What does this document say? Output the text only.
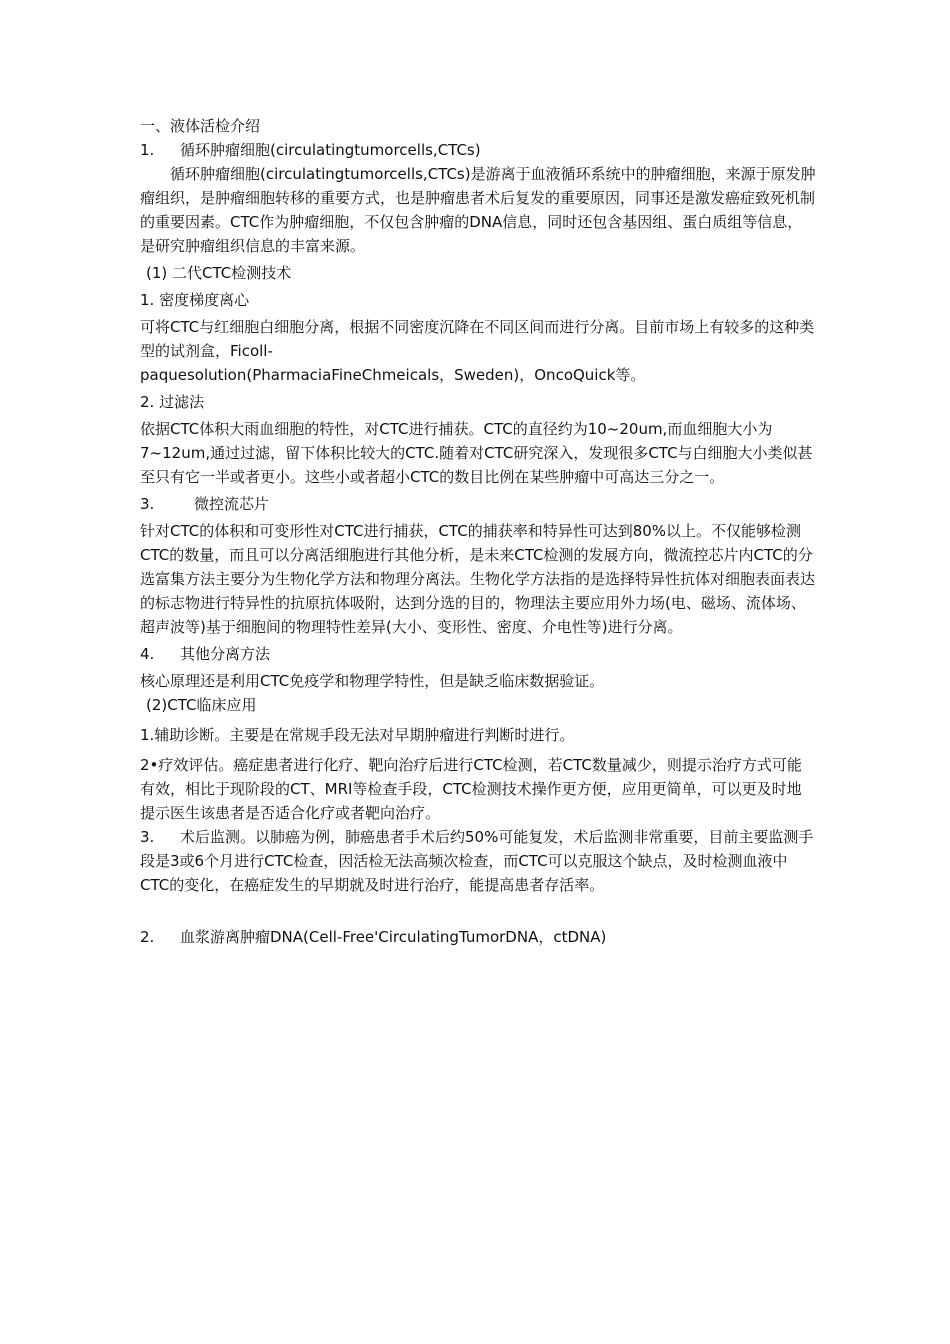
一、液体活检介绍
1. 循环肿瘤细胞(circulatingtumorcells,CTCs)

循环肿瘤细胞(circulatingtumorcells,CTCs)是游离于血液循环系统中的肿瘤细胞，来源于原发肿瘤组织，是肿瘤细胞转移的重要方式，也是肿瘤患者术后复发的重要原因，同事还是激发癌症致死机制的重要因素。CTC作为肿瘤细胞，不仅包含肿瘤的DNA信息，同时还包含基因组、蛋白质组等信息，是研究肿瘤组织信息的丰富来源。

(1) 二代CTC检测技术
1. 密度梯度离心

可将CTC与红细胞白细胞分离，根据不同密度沉降在不同区间而进行分离。目前市场上有较多的这种类型的试剂盒，Ficoll-

paquesolution(PharmaciaFineChmeicals，Sweden)，OncoQuick等。
2. 过滤法

依据CTC体积大雨血细胞的特性，对CTC进行捕获。CTC的直径约为10~20um,而血细胞大小为7~12um,通过过滤，留下体积比较大的CTC.随着对CTC研究深入，发现很多CTC与白细胞大小类似甚至只有它一半或者更小。这些小或者超小CTC的数目比例在某些肿瘤中可高达三分之一。

3.	微控流芯片

针对CTC的体积和可变形性对CTC进行捕获，CTC的捕获率和特异性可达到80%以上。不仅能够检测CTC的数量，而且可以分离活细胞进行其他分析，是未来CTC检测的发展方向，微流控芯片内CTC的分选富集方法主要分为生物化学方法和物理分离法。生物化学方法指的是选择特异性抗体对细胞表面表达的标志物进行特异性的抗原抗体吸附，达到分选的目的，物理法主要应用外力场(电、磁场、流体场、超声波等)基于细胞间的物理特性差异(大小、变形性、密度、介电性等)进行分离。

4. 其他分离方法

核心原理还是利用CTC免疫学和物理学特性，但是缺乏临床数据验证。

(2)CTC临床应用

1.辅助诊断。主要是在常规手段无法对早期肿瘤进行判断时进行。

2•疗效评估。癌症患者进行化疗、靶向治疗后进行CTC检测，若CTC数量减少，则提示治疗方式可能有效，相比于现阶段的CT、MRI等检查手段，CTC检测技术操作更方便，应用更简单，可以更及时地提示医生该患者是否适合化疗或者靶向治疗。

3. 术后监测。以肺癌为例，肺癌患者手术后约50%可能复发，术后监测非常重要，目前主要监测手段是3或6个月进行CTC检查，因活检无法高频次检查，而CTC可以克服这个缺点，及时检测血液中CTC的变化，在癌症发生的早期就及时进行治疗，能提高患者存活率。

2. 血浆游离肿瘤DNA(Cell-Free'CirculatingTumorDNA，ctDNA)
